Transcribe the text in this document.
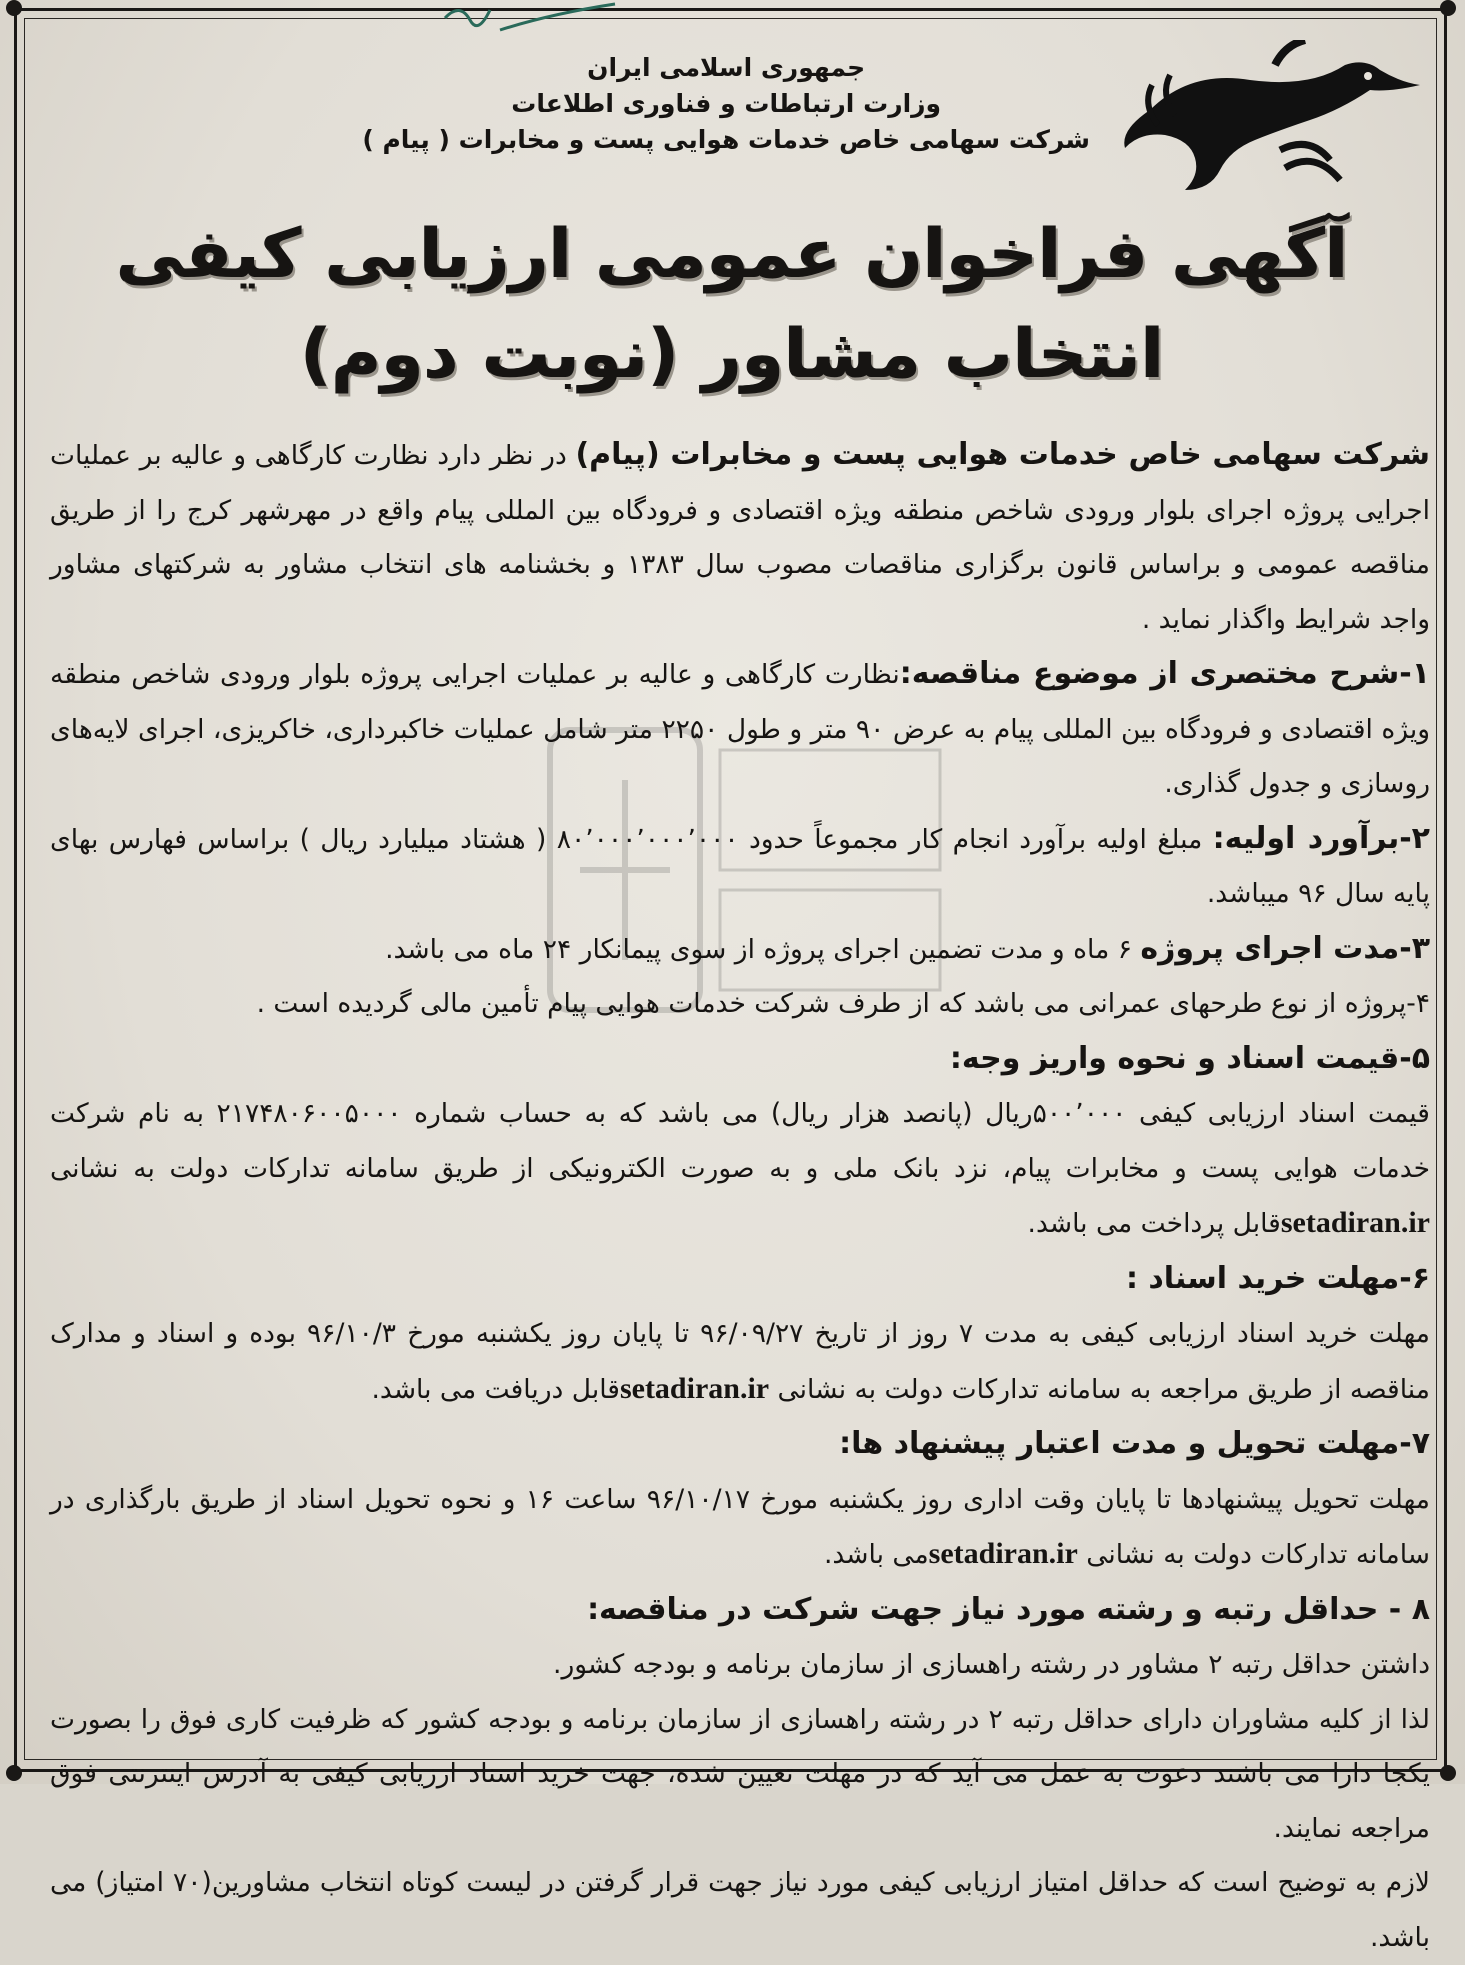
جمهوری اسلامی ایران
وزارت ارتباطات و فناوری اطلاعات
شرکت سهامی خاص خدمات هوایی پست و مخابرات ( پیام )
آگهی فراخوان عمومی ارزیابی کیفی
انتخاب مشاور (نوبت دوم)

شرکت سهامی خاص خدمات هوایی پست و مخابرات (پیام) در نظر دارد نظارت کارگاهی و عالیه بر عملیات اجرایی پروژه اجرای بلوار ورودی شاخص منطقه ویژه اقتصادی و فرودگاه بین المللی پیام واقع در مهرشهر کرج را از طریق مناقصه عمومی و براساس قانون برگزاری مناقصات مصوب سال ۱۳۸۳ و بخشنامه های انتخاب مشاور به شرکتهای مشاور واجد شرایط واگذار نماید .

۱-شرح مختصری از موضوع مناقصه:نظارت کارگاهی و عالیه بر عملیات اجرایی پروژه بلوار ورودی شاخص منطقه ویژه اقتصادی و فرودگاه بین المللی پیام به عرض ۹۰ متر و طول ۲۲۵۰ متر شامل عملیات خاکبرداری، خاکریزی، اجرای لایه‌های روسازی و جدول گذاری.

۲-برآورد اولیه: مبلغ اولیه برآورد انجام کار مجموعاً حدود ۸۰٬۰۰۰٬۰۰۰٬۰۰۰ ( هشتاد میلیارد ریال ) براساس فهارس بهای پایه سال ۹۶ میباشد.

۳-مدت اجرای پروژه ۶ ماه و مدت تضمین اجرای پروژه از سوی پیمانکار ۲۴ ماه می باشد.

۴-پروژه از نوع طرحهای عمرانی می باشد که از طرف شرکت خدمات هوایی پیام تأمین مالی گردیده است .

۵-قیمت اسناد و نحوه واریز وجه:

قیمت اسناد ارزیابی کیفی ۵۰۰٬۰۰۰ریال (پانصد هزار ریال) می باشد که به حساب شماره ۲۱۷۴۸۰۶۰۰۵۰۰۰ به نام شرکت خدمات هوایی پست و مخابرات پیام، نزد بانک ملی و به صورت الکترونیکی از طریق سامانه تدارکات دولت به نشانی setadiran.irقابل پرداخت می باشد.

۶-مهلت خرید اسناد :

مهلت خرید اسناد ارزیابی کیفی به مدت ۷ روز از تاریخ ۹۶/۰۹/۲۷ تا پایان روز یکشنبه مورخ ۹۶/۱۰/۳ بوده و اسناد و مدارک مناقصه از طریق مراجعه به سامانه تدارکات دولت به نشانی setadiran.irقابل دریافت می باشد.

۷-مهلت تحویل و مدت اعتبار پیشنهاد ها:

مهلت تحویل پیشنهادها تا پایان وقت اداری روز یکشنبه مورخ ۹۶/۱۰/۱۷ ساعت ۱۶ و نحوه تحویل اسناد از طریق بارگذاری در سامانه تدارکات دولت به نشانی setadiran.irمی باشد.

۸ - حداقل رتبه و رشته مورد نیاز جهت شرکت در مناقصه:

داشتن حداقل رتبه ۲ مشاور در رشته راهسازی از سازمان برنامه و بودجه کشور.

لذا از کلیه مشاوران دارای حداقل رتبه ۲ در رشته راهسازی از سازمان برنامه و بودجه کشور که ظرفیت کاری فوق را بصورت یکجا دارا می باشند دعوت به عمل می آید که در مهلت تعیین شده، جهت خرید اسناد ارزیابی کیفی به آدرس اینترنتی فوق مراجعه نمایند.

لازم به توضیح است که حداقل امتیاز ارزیابی کیفی مورد نیاز جهت قرار گرفتن در لیست کوتاه انتخاب مشاورین(۷۰ امتیاز) می باشد.
